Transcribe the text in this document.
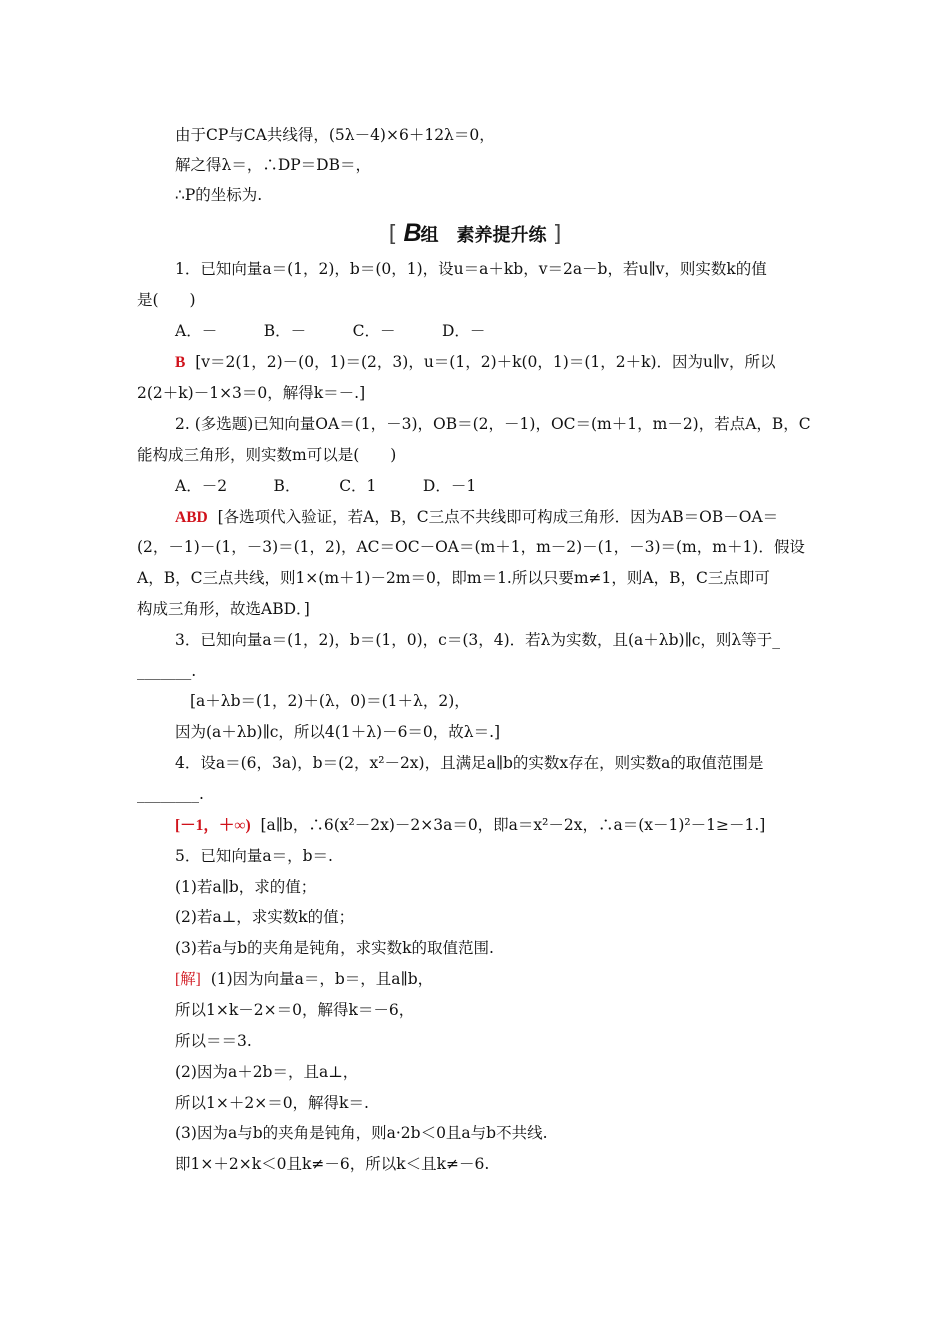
由于CP与CA共线得，(5λ－4)×6＋12λ＝0，
解之得λ＝，∴DP＝DB＝，
∴P的坐标为.
[ B组 素养提升练 ]
1．已知向量a＝(1，2)，b＝(0，1)，设u＝a＋kb，v＝2a－b，若u∥v，则实数k的值
是(　　)
A．－　　　B．－　　　C．－　　　D．－
B [v＝2(1，2)－(0，1)＝(2，3)，u＝(1，2)＋k(0，1)＝(1，2＋k)．因为u∥v，所以
2(2＋k)－1×3＝0，解得k＝－.]
2. (多选题)已知向量OA＝(1，－3)，OB＝(2，－1)，OC＝(m＋1，m－2)，若点A，B，C
能构成三角形，则实数m可以是(　　)
A．－2　　　B．　　　C．1　　　D．－1
ABD [各选项代入验证，若A，B，C三点不共线即可构成三角形．因为AB＝OB－OA＝
(2，－1)－(1，－3)＝(1，2)，AC＝OC－OA＝(m＋1，m－2)－(1，－3)＝(m，m＋1)．假设
A，B，C三点共线，则1×(m＋1)－2m＝0，即m＝1.所以只要m≠1，则A，B，C三点即可
构成三角形，故选ABD．]
3．已知向量a＝(1，2)，b＝(1，0)，c＝(3，4)．若λ为实数，且(a＋λb)∥c，则λ等于_
_______.
[a＋λb＝(1，2)＋(λ，0)＝(1＋λ，2)，
因为(a＋λb)∥c，所以4(1＋λ)－6＝0，故λ＝.]
4．设a＝(6，3a)，b＝(2，x²－2x)，且满足a∥b的实数x存在，则实数a的取值范围是
________.
[－1，＋∞) [a∥b，∴6(x²－2x)－2×3a＝0，即a＝x²－2x，∴a＝(x－1)²－1≥－1.]
5．已知向量a＝，b＝.
(1)若a∥b，求的值；
(2)若a⊥，求实数k的值；
(3)若a与b的夹角是钝角，求实数k的取值范围.
[解] (1)因为向量a＝，b＝，且a∥b，
所以1×k－2×＝0，解得k＝－6，
所以＝＝3.
(2)因为a＋2b＝，且a⊥，
所以1×＋2×＝0，解得k＝.
(3)因为a与b的夹角是钝角，则a·2b＜0且a与b不共线.
即1×＋2×k＜0且k≠－6，所以k＜且k≠－6.
